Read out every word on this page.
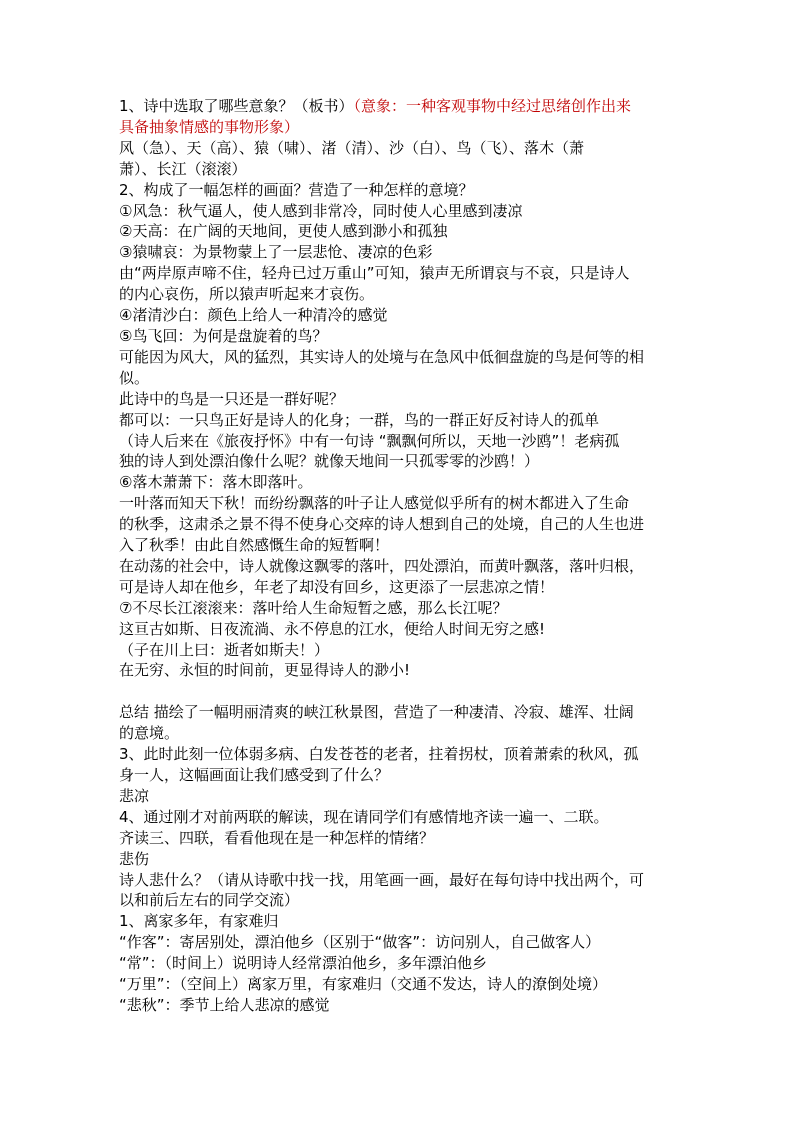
1、诗中选取了哪些意象？（板书）（意象：一种客观事物中经过思绪创作出来
具备抽象情感的事物形象）
风（急）、天（高）、猿（啸）、渚（清）、沙（白）、鸟（飞）、落木（萧
萧）、长江（滚滚）
2、构成了一幅怎样的画面？营造了一种怎样的意境？
①风急：秋气逼人，使人感到非常冷，同时使人心里感到凄凉
②天高：在广阔的天地间，更使人感到渺小和孤独
③猿啸哀：为景物蒙上了一层悲怆、凄凉的色彩
由“两岸原声啼不住，轻舟已过万重山”可知，猿声无所谓哀与不哀，只是诗人
的内心哀伤，所以猿声听起来才哀伤。
④渚清沙白：颜色上给人一种清冷的感觉
⑤鸟飞回：为何是盘旋着的鸟？
可能因为风大，风的猛烈，其实诗人的处境与在急风中低徊盘旋的鸟是何等的相
似。
此诗中的鸟是一只还是一群好呢？
都可以：一只鸟正好是诗人的化身；一群，鸟的一群正好反衬诗人的孤单
（诗人后来在《旅夜抒怀》中有一句诗 “飘飘何所以，天地一沙鸥”！老病孤
独的诗人到处漂泊像什么呢？就像天地间一只孤零零的沙鸥！）
⑥落木萧萧下：落木即落叶。
一叶落而知天下秋！而纷纷飘落的叶子让人感觉似乎所有的树木都进入了生命
的秋季，这肃杀之景不得不使身心交瘁的诗人想到自己的处境，自己的人生也进
入了秋季！由此自然感慨生命的短暂啊！
在动荡的社会中，诗人就像这飘零的落叶，四处漂泊，而黄叶飘落，落叶归根，
可是诗人却在他乡，年老了却没有回乡，这更添了一层悲凉之情！
⑦不尽长江滚滚来：落叶给人生命短暂之感，那么长江呢？
这亘古如斯、日夜流淌、永不停息的江水，便给人时间无穷之感!
（子在川上曰：逝者如斯夫！）
在无穷、永恒的时间前，更显得诗人的渺小!
总结 描绘了一幅明丽清爽的峡江秋景图，营造了一种凄清、冷寂、雄浑、壮阔
的意境。
3、此时此刻一位体弱多病、白发苍苍的老者，拄着拐杖，顶着萧索的秋风，孤
身一人，这幅画面让我们感受到了什么？
悲凉
4、通过刚才对前两联的解读，现在请同学们有感情地齐读一遍一、二联。
齐读三、四联，看看他现在是一种怎样的情绪？
悲伤
诗人悲什么？（请从诗歌中找一找，用笔画一画，最好在每句诗中找出两个，可
以和前后左右的同学交流）
1、离家多年，有家难归
“作客”：寄居别处，漂泊他乡（区别于“做客”：访问别人，自己做客人）
“常”：（时间上）说明诗人经常漂泊他乡，多年漂泊他乡
“万里”：（空间上）离家万里，有家难归（交通不发达，诗人的潦倒处境）
“悲秋”：季节上给人悲凉的感觉
